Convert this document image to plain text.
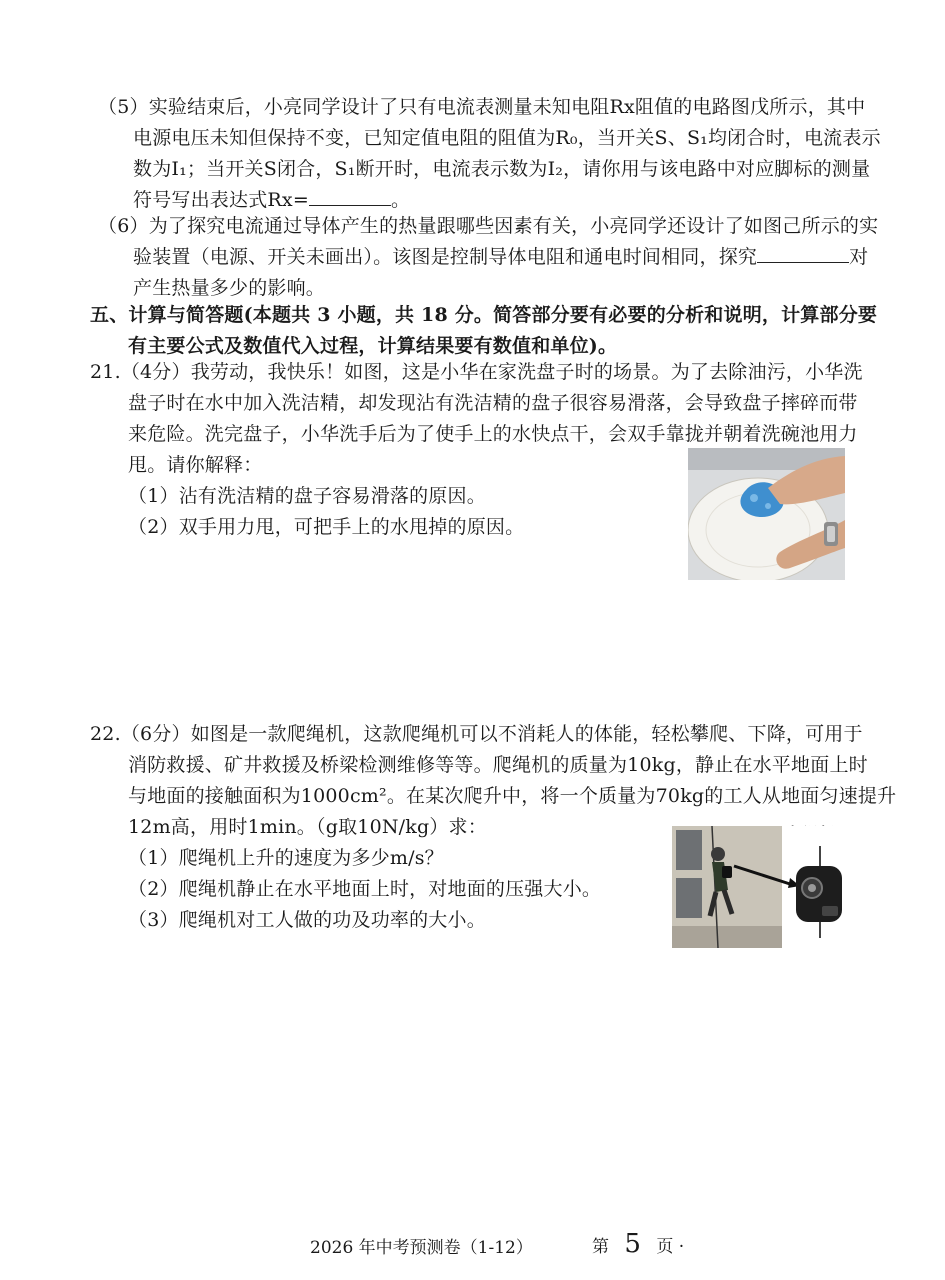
（5）实验结束后，小亮同学设计了只有电流表测量未知电阻Rx阻值的电路图戊所示，其中
电源电压未知但保持不变，已知定值电阻的阻值为R₀，当开关S、S₁均闭合时，电流表示
数为I₁；当开关S闭合，S₁断开时，电流表示数为I₂，请你用与该电路中对应脚标的测量
符号写出表达式Rx=	。
（6）为了探究电流通过导体产生的热量跟哪些因素有关，小亮同学还设计了如图己所示的实
验装置（电源、开关未画出）。该图是控制导体电阻和通电时间相同，探究	对
产生热量多少的影响。
五、计算与简答题(本题共 3 小题，共 18 分。简答部分要有必要的分析和说明，计算部分要
有主要公式及数值代入过程，计算结果要有数值和单位)。
21.（4分）我劳动，我快乐！如图，这是小华在家洗盘子时的场景。为了去除油污，小华洗
盘子时在水中加入洗洁精，却发现沾有洗洁精的盘子很容易滑落，会导致盘子摔碎而带
来危险。洗完盘子，小华洗手后为了使手上的水快点干，会双手靠拢并朝着洗碗池用力
甩。请你解释：
（1）沾有洗洁精的盘子容易滑落的原因。
（2）双手用力甩，可把手上的水甩掉的原因。
22.（6分）如图是一款爬绳机，这款爬绳机可以不消耗人的体能，轻松攀爬、下降，可用于
消防救援、矿井救援及桥梁检测维修等等。爬绳机的质量为10kg，静止在水平地面上时
与地面的接触面积为1000cm²。在某次爬升中，将一个质量为70kg的工人从地面匀速提升
12m高，用时1min。（g取10N/kg）求：
（1）爬绳机上升的速度为多少m/s？
（2）爬绳机静止在水平地面上时，对地面的压强大小。
（3）爬绳机对工人做的功及功率的大小。
2026 年中考预测卷（1-12）	第 5 页 ·
